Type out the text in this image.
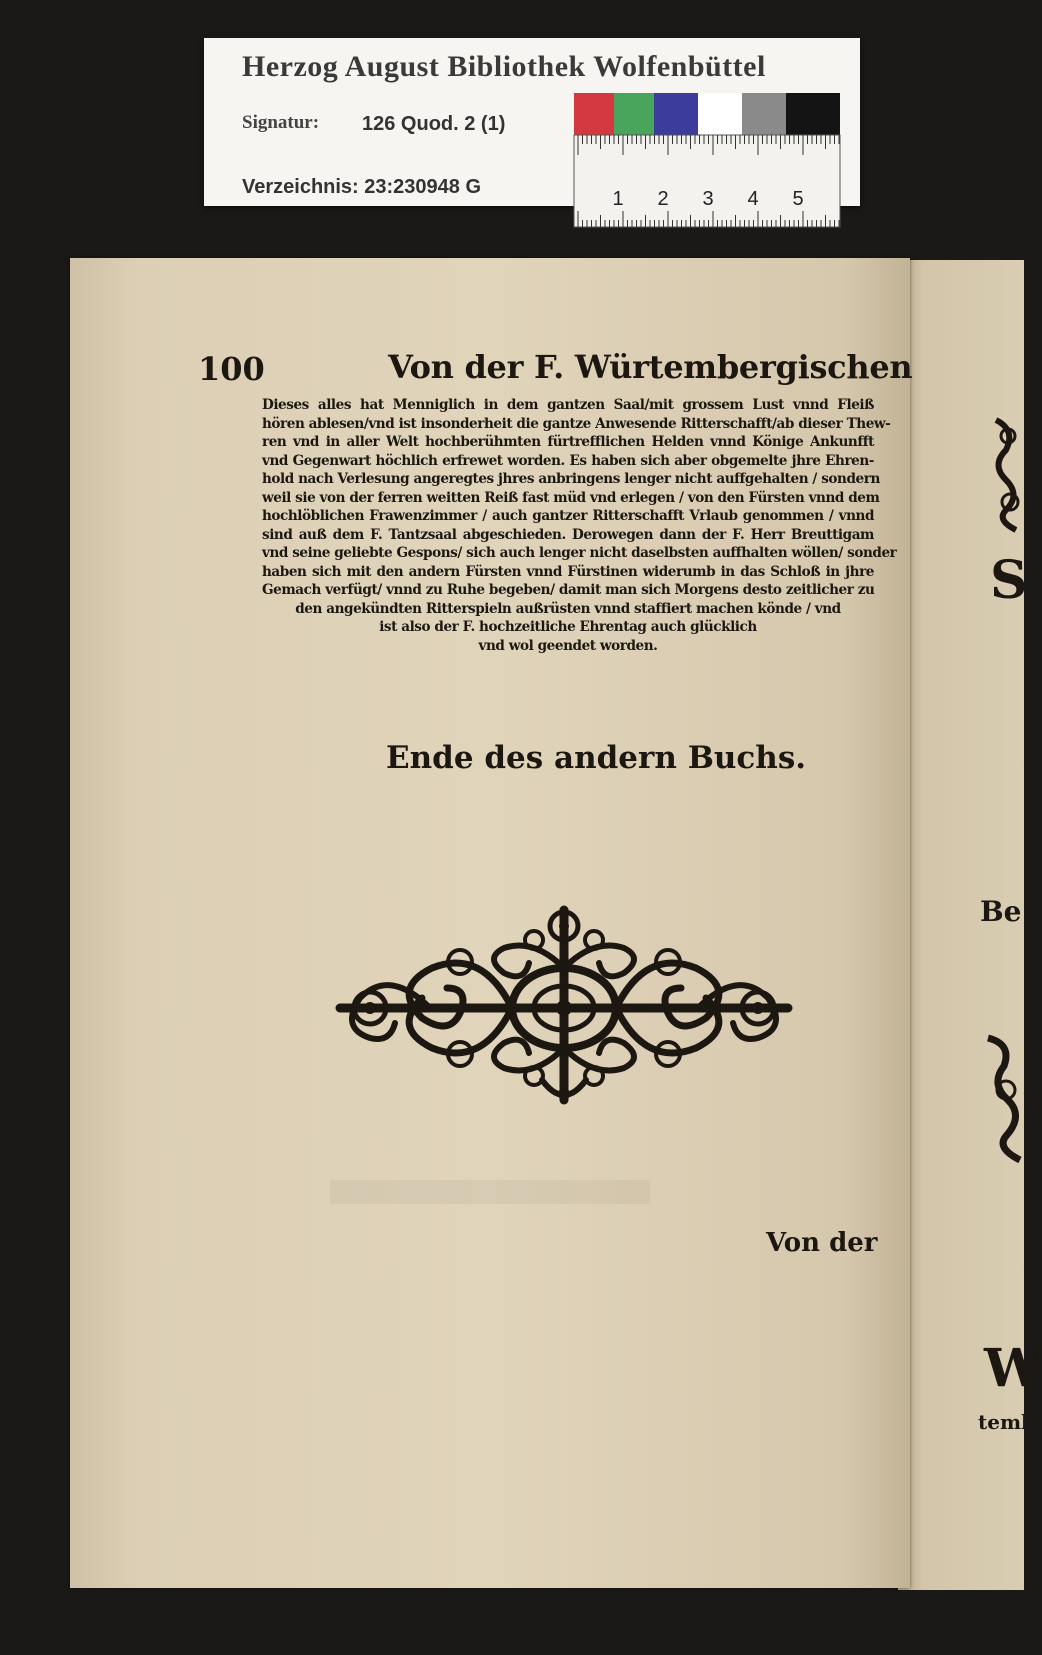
Herzog August Bibliothek Wolfenbüttel
Signatur: 126 Quod. 2 (1)
Verzeichnis: 23:230948 G
1 2 3 4 5
S
Be
W
temb
100	Von der F. Würtembergischen
Dieses alles hat Menniglich in dem gantzen Saal/mit grossem Lust vnnd Fleiß
hören ablesen/vnd ist insonderheit die gantze Anwesende Ritterschafft/ab dieser Thew-
ren vnd in aller Welt hochberühmten fürtrefflichen Helden vnnd Könige Ankunfft
vnd Gegenwart höchlich erfrewet worden. Es haben sich aber obgemelte jhre Ehren-
hold nach Verlesung angeregtes jhres anbringens lenger nicht auffgehalten / sondern
weil sie von der ferren weitten Reiß fast müd vnd erlegen / von den Fürsten vnnd dem
hochlöblichen Frawenzimmer / auch gantzer Ritterschafft Vrlaub genommen / vnnd
sind auß dem F. Tantzsaal abgeschieden. Derowegen dann der F. Herr Breuttigam
vnd seine geliebte Gespons/ sich auch lenger nicht daselbsten auffhalten wöllen/ sonder
haben sich mit den andern Fürsten vnnd Fürstinen widerumb in das Schloß in jhre
Gemach verfügt/ vnnd zu Ruhe begeben/ damit man sich Morgens desto zeitlicher zu
den angekündten Ritterspieln außrüsten vnnd staffiert machen könde / vnd
ist also der F. hochzeitliche Ehrentag auch glücklich
vnd wol geendet worden.
Ende des andern Buchs.
Von der
